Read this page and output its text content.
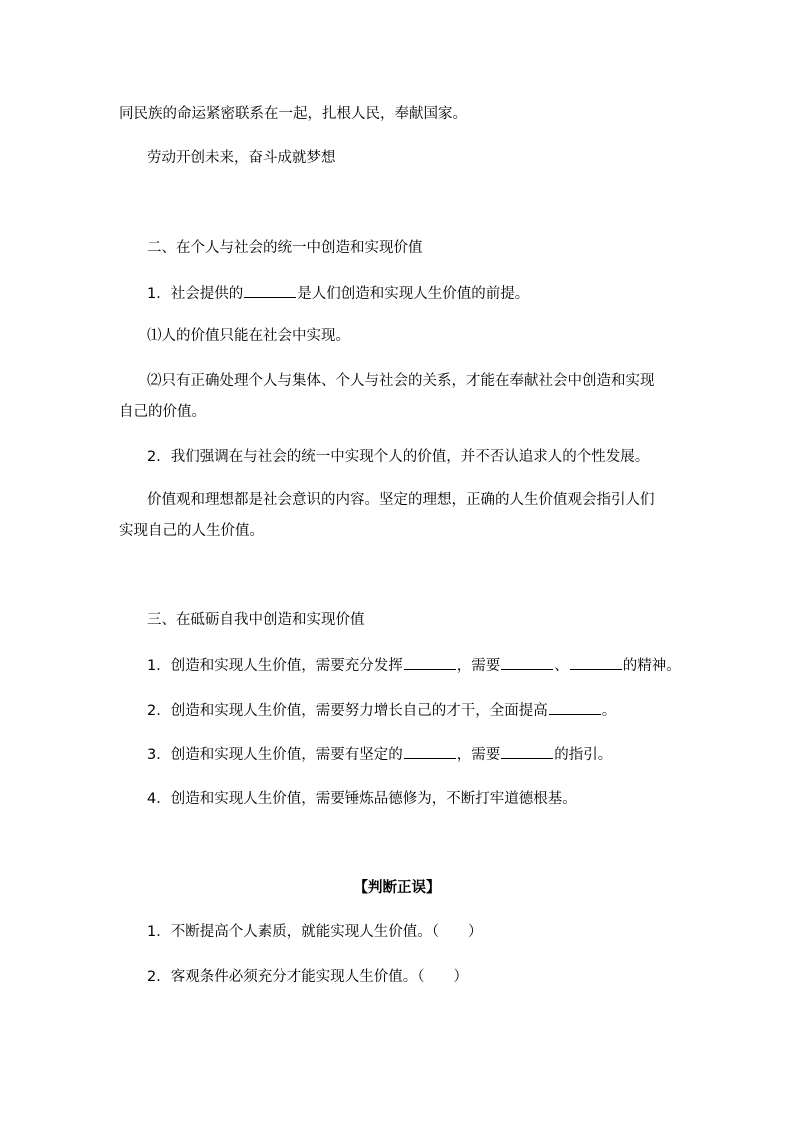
同民族的命运紧密联系在一起，扎根人民，奉献国家。
劳动开创未来，奋斗成就梦想
二、在个人与社会的统一中创造和实现价值
1．社会提供的	是人们创造和实现人生价值的前提。
⑴人的价值只能在社会中实现。
⑵只有正确处理个人与集体、个人与社会的关系，才能在奉献社会中创造和实现自己的价值。
2．我们强调在与社会的统一中实现个人的价值，并不否认追求人的个性发展。
价值观和理想都是社会意识的内容。坚定的理想，正确的人生价值观会指引人们实现自己的人生价值。
三、在砥砺自我中创造和实现价值
1．创造和实现人生价值，需要充分发挥	，需要	、	的精神。
2．创造和实现人生价值，需要努力增长自己的才干，全面提高	。
3．创造和实现人生价值，需要有坚定的	，需要	的指引。
4．创造和实现人生价值，需要锤炼品德修为，不断打牢道德根基。
【判断正误】
1．不断提高个人素质，就能实现人生价值。（　　）
2．客观条件必须充分才能实现人生价值。（　　）
